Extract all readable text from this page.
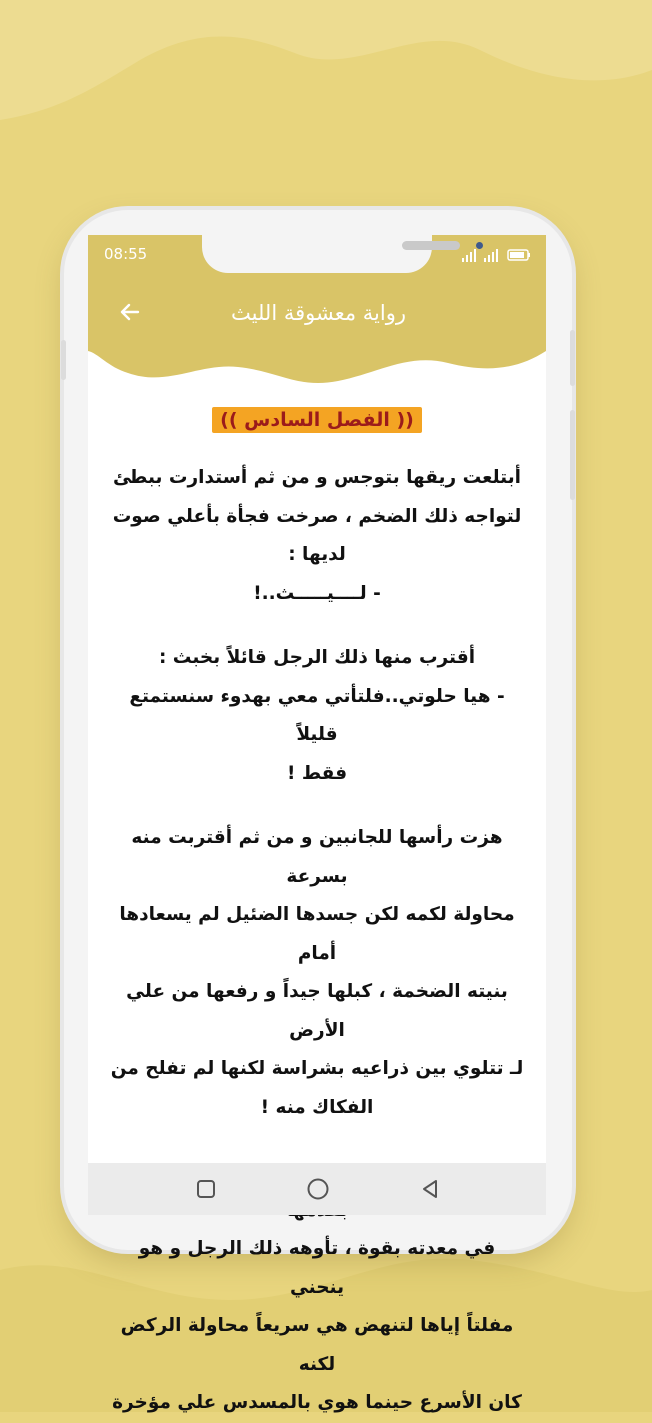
08:55
رواية معشوقة الليث
(( الفصل السادس ))

أبتلعت ريقها بتوجس و من ثم أستدارت ببطئ
لتواجه ذلك الضخم ، صرخت فجأة بأعلي صوت
لديها :
- لــــيـــــث..!

أقترب منها ذلك الرجل قائلاً بخبث :
- هيا حلوتي..فلتأتي معي بهدوء سنستمتع قليلاً
فقط !

هزت رأسها للجانبين و من ثم أقتربت منه بسرعة
محاولة لكمه لكن جسدها الضئيل لم يسعادها أمام
بنيته الضخمة ، كبلها جيداً و رفعها من علي الأرض
لـ تتلوي بين ذراعيه بشراسة لكنها لم تفلح من
الفكاك منه !

في معدته بقوة ، تأوهه ذلك الرجل و هو ينحني
مفلتاً إياها لتنهض هي سريعاً محاولة الركض لكنه
كان الأسرع حينما هوي بالمسدس علي مؤخرة
